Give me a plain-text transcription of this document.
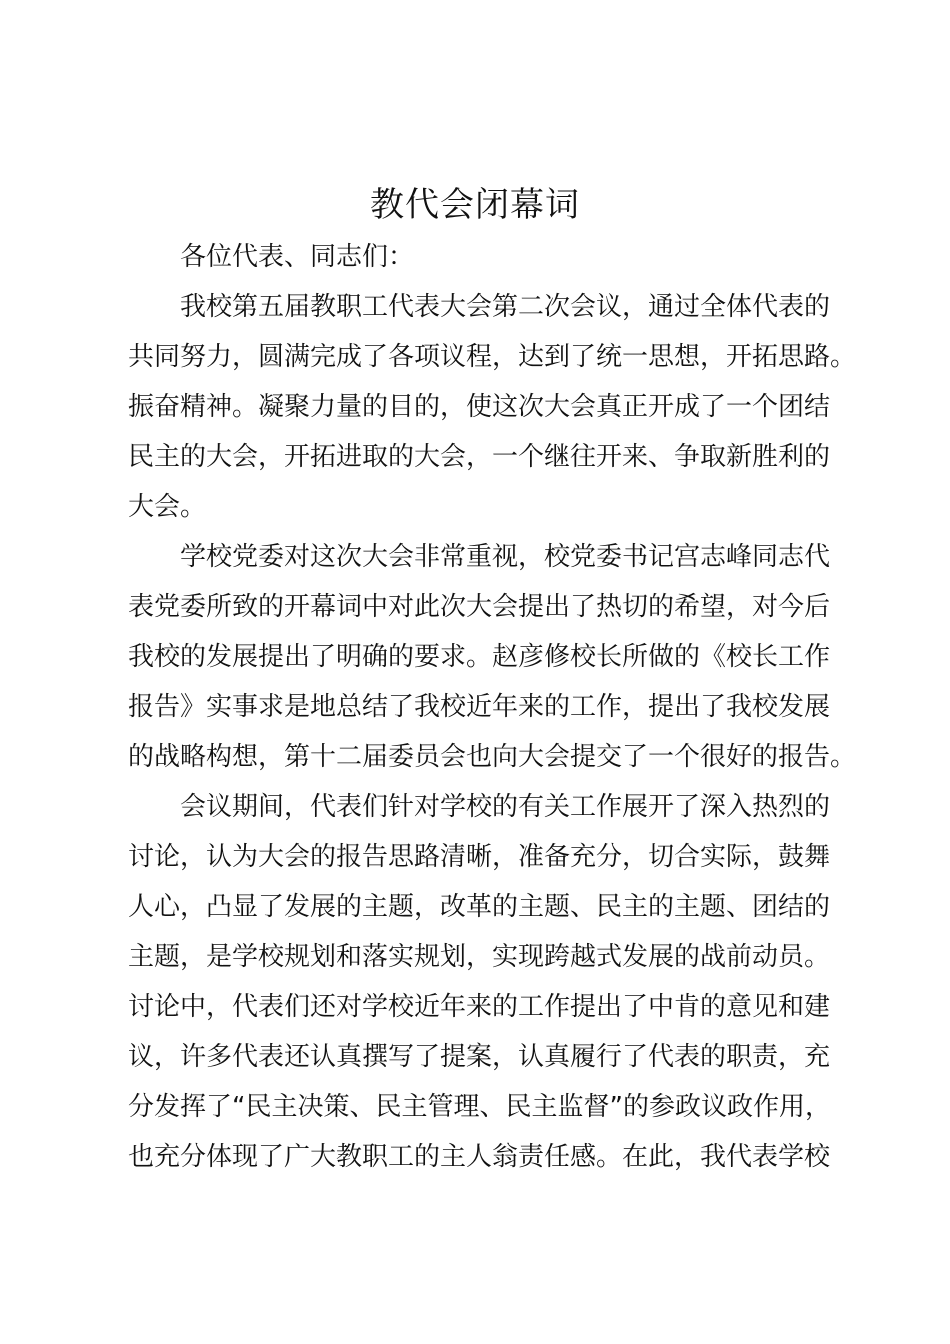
教代会闭幕词
各位代表、同志们：
我校第五届教职工代表大会第二次会议，通过全体代表的
共同努力，圆满完成了各项议程，达到了统一思想，开拓思路。
振奋精神。凝聚力量的目的，使这次大会真正开成了一个团结
民主的大会，开拓进取的大会，一个继往开来、争取新胜利的
大会。
学校党委对这次大会非常重视，校党委书记宫志峰同志代
表党委所致的开幕词中对此次大会提出了热切的希望，对今后
我校的发展提出了明确的要求。赵彦修校长所做的《校长工作
报告》实事求是地总结了我校近年来的工作，提出了我校发展
的战略构想，第十二届委员会也向大会提交了一个很好的报告。
会议期间，代表们针对学校的有关工作展开了深入热烈的
讨论，认为大会的报告思路清晰，准备充分，切合实际，鼓舞
人心，凸显了发展的主题，改革的主题、民主的主题、团结的
主题，是学校规划和落实规划，实现跨越式发展的战前动员。
讨论中，代表们还对学校近年来的工作提出了中肯的意见和建
议，许多代表还认真撰写了提案，认真履行了代表的职责，充
分发挥了“民主决策、民主管理、民主监督”的参政议政作用，
也充分体现了广大教职工的主人翁责任感。在此，我代表学校
